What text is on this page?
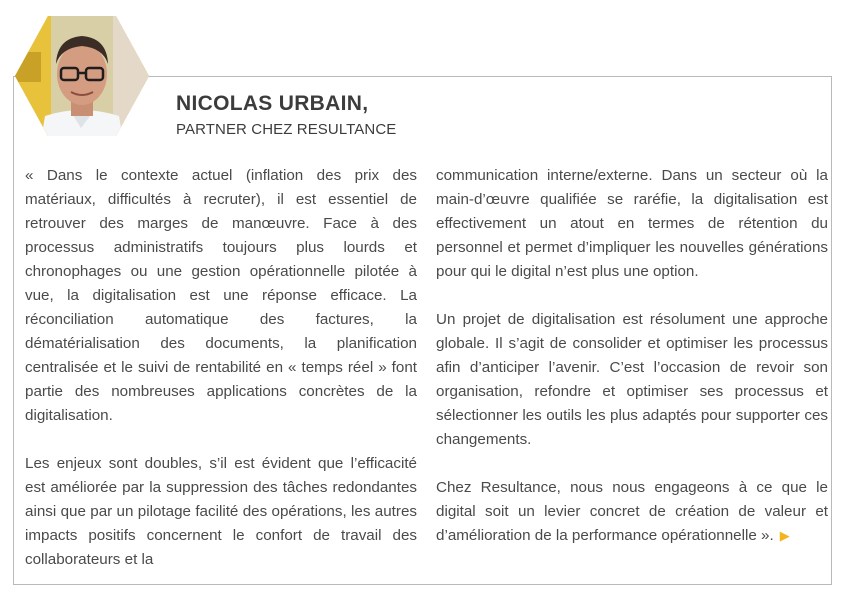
NICOLAS URBAIN,
PARTNER CHEZ RESULTANCE

« Dans le contexte actuel (inflation des prix des matériaux, difficultés à recruter), il est essentiel de retrouver des marges de manœuvre. Face à des processus administratifs toujours plus lourds et chronophages ou une gestion opérationnelle pilotée à vue, la digitalisation est une réponse efficace. La réconciliation automatique des factures, la dématérialisation des documents, la planification centralisée et le suivi de rentabilité en « temps réel » font partie des nombreuses applications concrètes de la digitalisation.

Les enjeux sont doubles, s’il est évident que l’efficacité est améliorée par la suppression des tâches redondantes ainsi que par un pilotage facilité des opérations, les autres impacts positifs concernent le confort de travail des collaborateurs et la

communication interne/externe. Dans un secteur où la main-d’œuvre qualifiée se raréfie, la digitalisation est effectivement un atout en termes de rétention du personnel et permet d’impliquer les nouvelles générations pour qui le digital n’est plus une option.

Un projet de digitalisation est résolument une approche globale. Il s’agit de consolider et optimiser les processus afin d’anticiper l’avenir. C’est l’occasion de revoir son organisation, refondre et optimiser ses processus et sélectionner les outils les plus adaptés pour supporter ces changements.

Chez Resultance, nous nous engageons à ce que le digital soit un levier concret de création de valeur et d’amélioration de la performance opérationnelle ». ▶
